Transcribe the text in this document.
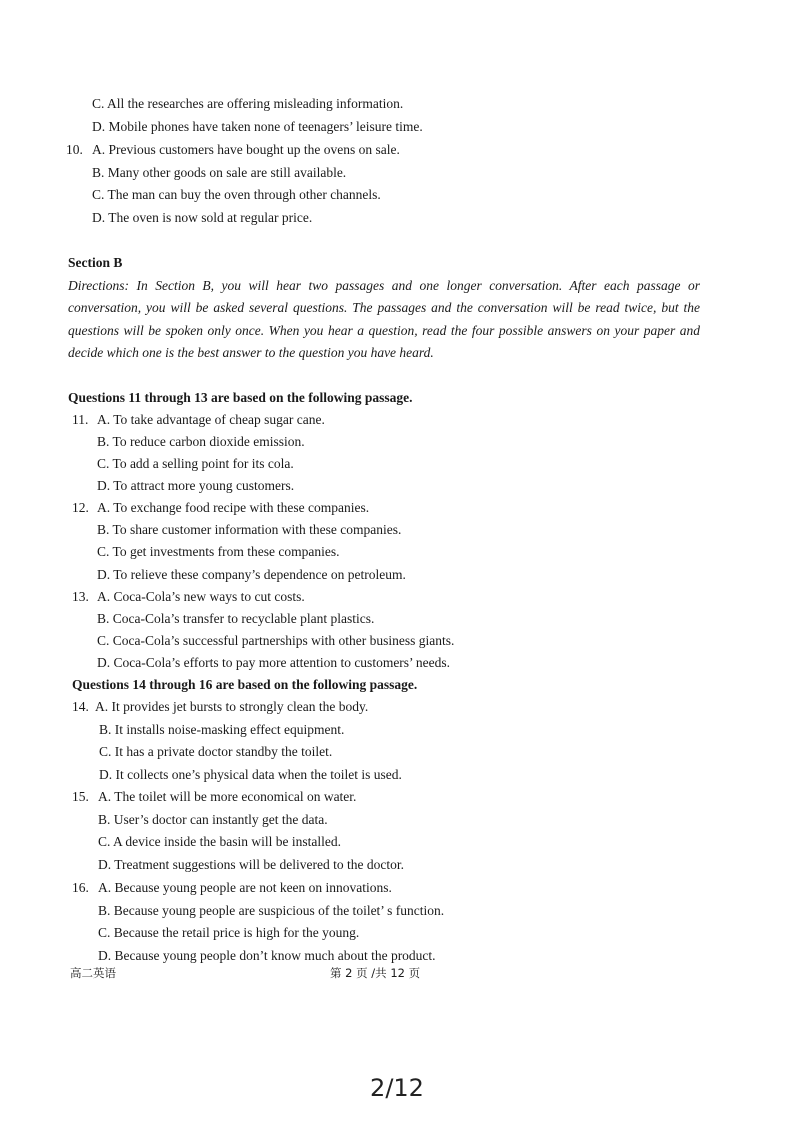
C. All the researches are offering misleading information.
D. Mobile phones have taken none of teenagers’ leisure time.
10. A. Previous customers have bought up the ovens on sale.
B. Many other goods on sale are still available.
C. The man can buy the oven through other channels.
D. The oven is now sold at regular price.
Section B
Directions: In Section B, you will hear two passages and one longer conversation. After each passage or conversation, you will be asked several questions. The passages and the conversation will be read twice, but the questions will be spoken only once. When you hear a question, read the four possible answers on your paper and decide which one is the best answer to the question you have heard.
Questions 11 through 13 are based on the following passage.
11. A. To take advantage of cheap sugar cane.
B. To reduce carbon dioxide emission.
C. To add a selling point for its cola.
D. To attract more young customers.
12. A. To exchange food recipe with these companies.
B. To share customer information with these companies.
C. To get investments from these companies.
D. To relieve these company’s dependence on petroleum.
13. A. Coca-Cola’s new ways to cut costs.
B. Coca-Cola’s transfer to recyclable plant plastics.
C. Coca-Cola’s successful partnerships with other business giants.
D. Coca-Cola’s efforts to pay more attention to customers’ needs.
Questions 14 through 16 are based on the following passage.
14. A. It provides jet bursts to strongly clean the body.
B. It installs noise-masking effect equipment.
C. It has a private doctor standby the toilet.
D. It collects one’s physical data when the toilet is used.
15. A. The toilet will be more economical on water.
B. User’s doctor can instantly get the data.
C. A device inside the basin will be installed.
D. Treatment suggestions will be delivered to the doctor.
16. A. Because young people are not keen on innovations.
B. Because young people are suspicious of the toilet’ s function.
C. Because the retail price is high for the young.
D. Because young people don’t know much about the product.
高二英语	第 2 页 /共 12 页
2/12
